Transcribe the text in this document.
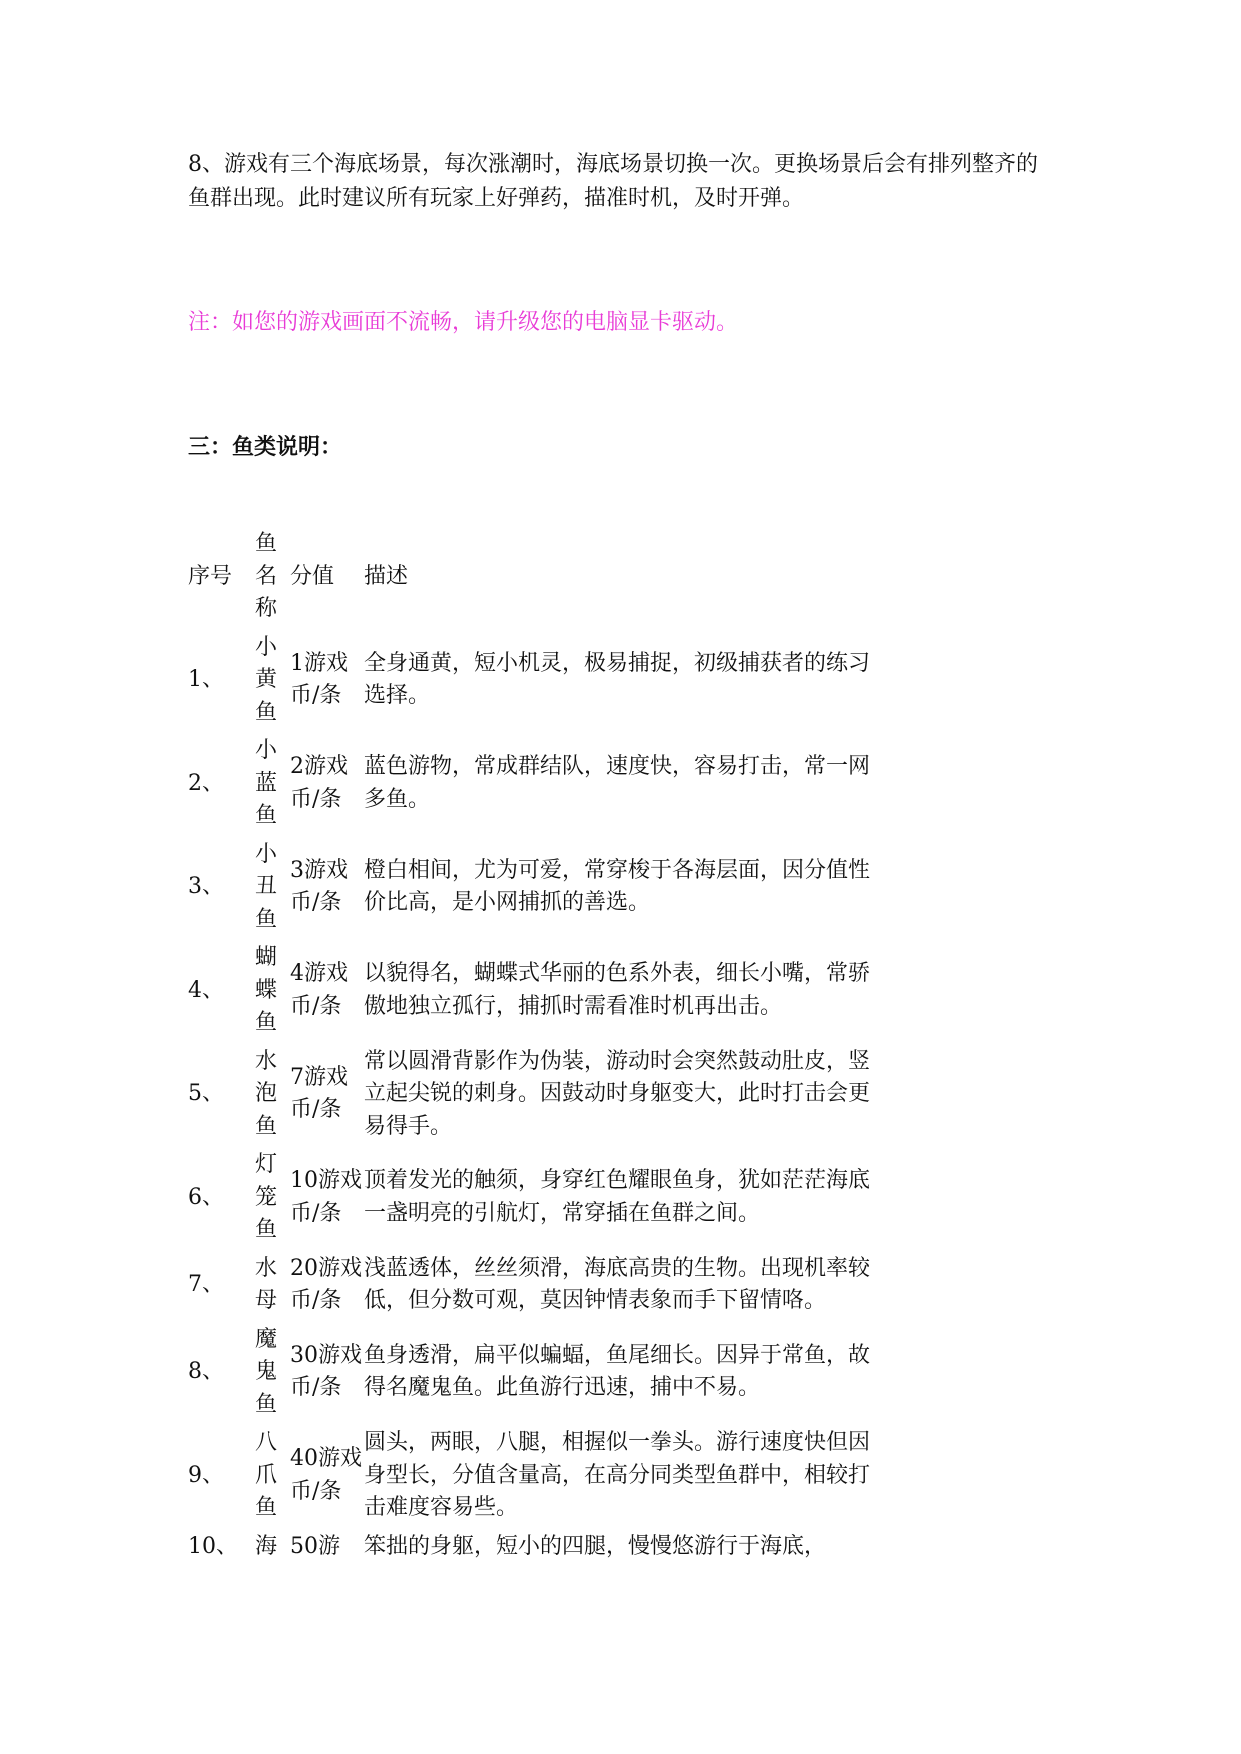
8、游戏有三个海底场景，每次涨潮时，海底场景切换一次。更换场景后会有排列整齐的鱼群出现。此时建议所有玩家上好弹药，描准时机，及时开弹。

注：如您的游戏画面不流畅，请升级您的电脑显卡驱动。

三：鱼类说明：

序号	鱼名称	分值	描述
1、	小黄鱼	1游戏币/条	全身通黄，短小机灵，极易捕捉，初级捕获者的练习选择。
2、	小蓝鱼	2游戏币/条	蓝色游物，常成群结队，速度快，容易打击，常一网多鱼。
3、	小丑鱼	3游戏币/条	橙白相间，尤为可爱，常穿梭于各海层面，因分值性价比高，是小网捕抓的善选。
4、	蝴蝶鱼	4游戏币/条	以貌得名，蝴蝶式华丽的色系外表，细长小嘴，常骄傲地独立孤行，捕抓时需看准时机再出击。
5、	水泡鱼	7游戏币/条	常以圆滑背影作为伪装，游动时会突然鼓动肚皮，竖立起尖锐的刺身。因鼓动时身躯变大，此时打击会更易得手。
6、	灯笼鱼	10游戏币/条	顶着发光的触须，身穿红色耀眼鱼身，犹如茫茫海底一盏明亮的引航灯，常穿插在鱼群之间。
7、	水母	20游戏币/条	浅蓝透体，丝丝须滑，海底高贵的生物。出现机率较低，但分数可观，莫因钟情表象而手下留情咯。
8、	魔鬼鱼	30游戏币/条	鱼身透滑，扁平似蝙蝠，鱼尾细长。因异于常鱼，故得名魔鬼鱼。此鱼游行迅速，捕中不易。
9、	八爪鱼	40游戏币/条	圆头，两眼，八腿，相握似一拳头。游行速度快但因身型长，分值含量高，在高分同类型鱼群中，相较打击难度容易些。
10、	海	50游	笨拙的身躯，短小的四腿，慢慢悠游行于海底，
